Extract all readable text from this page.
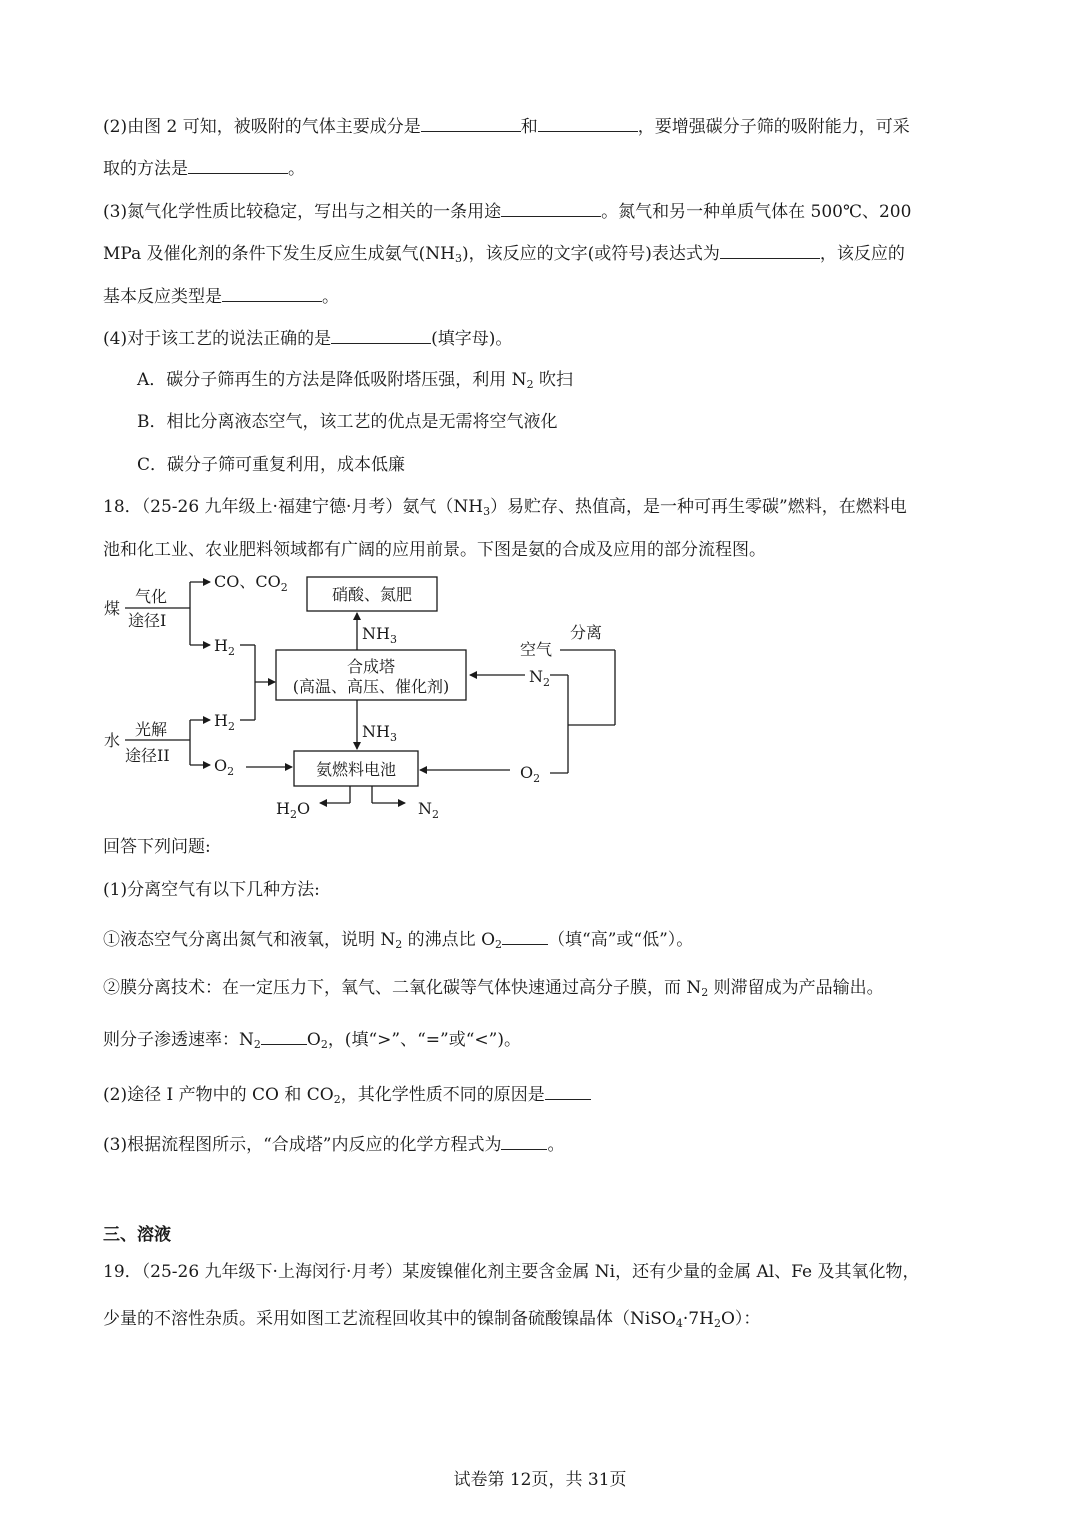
(2)由图 2 可知，被吸附的气体主要成分是	和	，要增强碳分子筛的吸附能力，可采
取的方法是	。
(3)氮气化学性质比较稳定，写出与之相关的一条用途	。氮气和另一种单质气体在 500℃、200
MPa 及催化剂的条件下发生反应生成氨气$(NH_3)$，该反应的文字(或符号)表达式为	，该反应的
基本反应类型是	。
(4)对于该工艺的说法正确的是	(填字母)。
A．碳分子筛再生的方法是降低吸附塔压强，利用 $N_2$ 吹扫
B．相比分离液态空气，该工艺的优点是无需将空气液化
C．碳分子筛可重复利用，成本低廉
18．（25-26 九年级上·福建宁德·月考）氨气$(NH_3)$易贮存、热值高，是一种可再生零碳”燃料，在燃料电
池和化工业、农业肥料领域都有广阔的应用前景。下图是氨的合成及应用的部分流程图。
煤
气化
途径I
CO、$CO_2$
$H_2$
硝酸、氮肥
$NH_3$
合成塔
(高温、高压、催化剂)
空气
分离
$N_2$
水
光解
途径II
$H_2$
$O_2$
$NH_3$
氨燃料电池	$O_2$
$H_2O$	$N_2$
回答下列问题:
(1)分离空气有以下几种方法:
①液态空气分离出氮气和液氧，说明 $N_2$ 的沸点比 $O_2$	（填“高”或“低”）。
②膜分离技术：在一定压力下，氧气、二氧化碳等气体快速通过高分子膜，而 $N_2$ 则滞留成为产品输出。
则分子渗透速率：$N_2$	$O_2$，(填“>”、“=”或“<”)。
(2)途径 I 产物中的 CO 和 $CO_2$，其化学性质不同的原因是
(3)根据流程图所示，“合成塔”内反应的化学方程式为	。
三、溶液
19．（25-26 九年级下·上海闵行·月考）某废镍催化剂主要含金属 Ni，还有少量的金属 Al、Fe 及其氧化物，
少量的不溶性杂质。采用如图工艺流程回收其中的镍制备硫酸镍晶体$(NiSO_4\cdot 7H_2O)$：
试卷第 12页，共 31页
